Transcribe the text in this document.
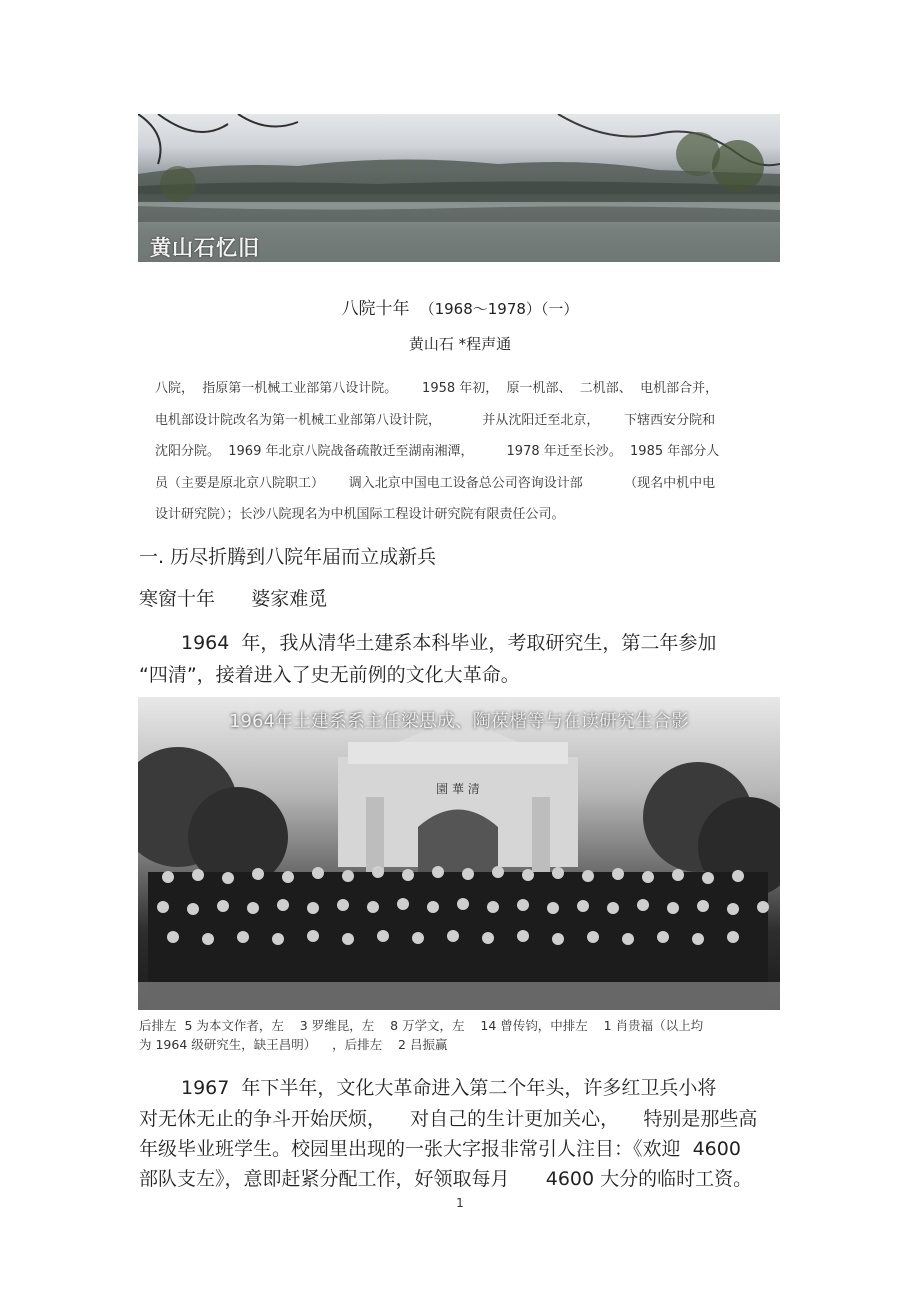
黄山石忆旧
八院十年 （1968～1978）（一）
黄山石 *程声通
八院，  指原第一机械工业部第八设计院。      1958 年初，  原一机部、  二机部、  电机部合并，
电机部设计院改名为第一机械工业部第八设计院，          并从沈阳迁至北京，      下辖西安分院和
沈阳分院。  1969 年北京八院战备疏散迁至湖南湘潭，        1978 年迁至长沙。  1985 年部分人
员（主要是原北京八院职工）      调入北京中国电工设备总公司咨询设计部          （现名中机中电
设计研究院）；长沙八院现名为中机国际工程设计研究院有限责任公司。
一. 历尽折腾到八院年届而立成新兵
寒窗十年      婆家难觅
1964  年，我从清华土建系本科毕业，考取研究生，第二年参加
“四清”，接着进入了史无前例的文化大革命。
園 華 清
1964年土建系系主任梁思成、陶葆楷等与在读研究生合影
后排左  5 为本文作者，左    3 罗维昆，左    8 万学文，左    14 曾传钧，中排左    1 肖贵福（以上均
为 1964 级研究生，缺王昌明）    ，后排左    2 吕振赢
1967  年下半年，文化大革命进入第二个年头，许多红卫兵小将
对无休无止的争斗开始厌烦，    对自己的生计更加关心，    特别是那些高
年级毕业班学生。校园里出现的一张大字报非常引人注目：《欢迎  4600
部队支左》，意即赶紧分配工作，好领取每月      4600 大分的临时工资。
1
